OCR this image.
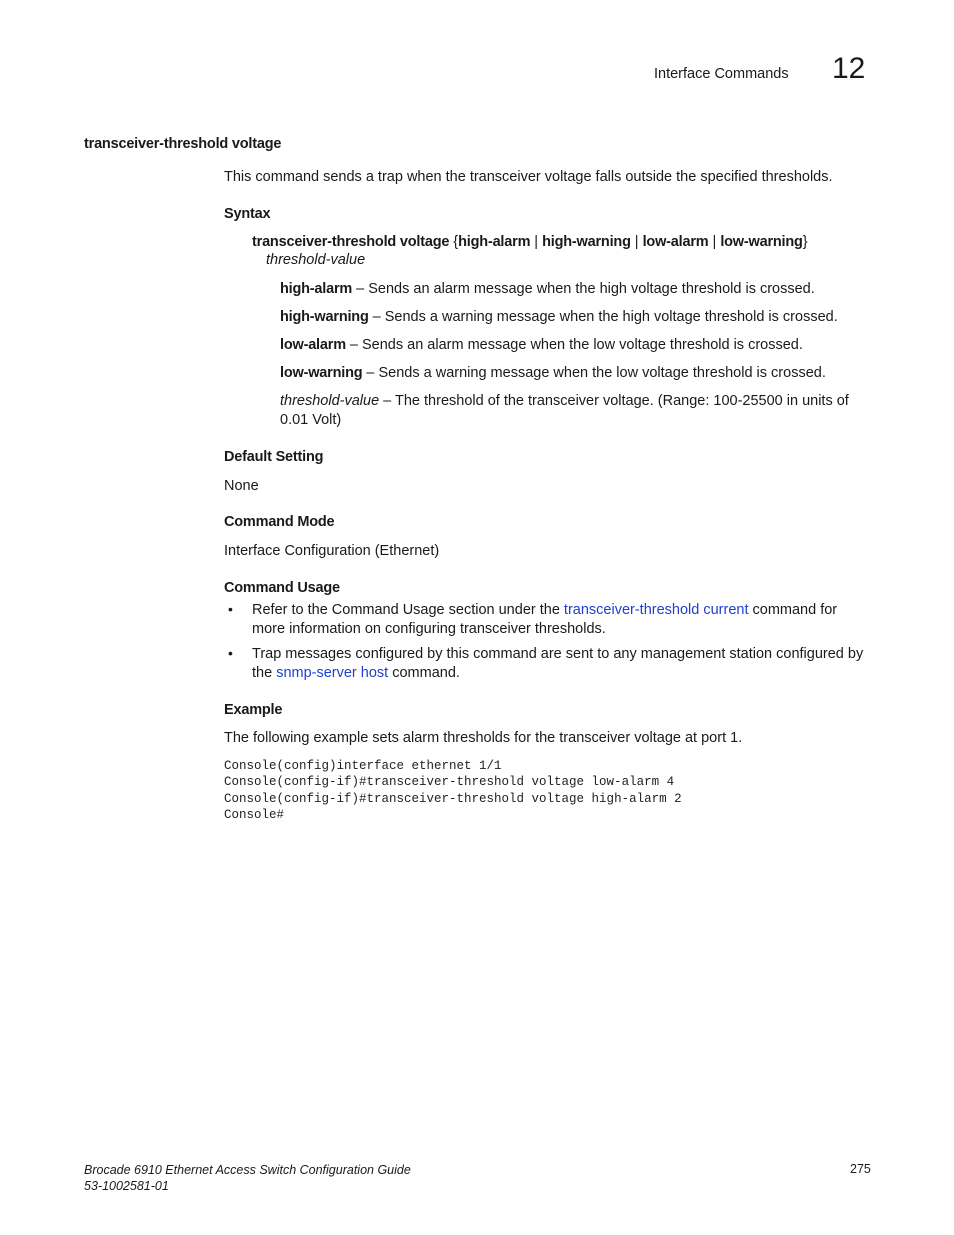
Interface Commands 12
transceiver-threshold voltage
This command sends a trap when the transceiver voltage falls outside the specified thresholds.
Syntax
transceiver-threshold voltage {high-alarm | high-warning | low-alarm | low-warning}
threshold-value
high-alarm – Sends an alarm message when the high voltage threshold is crossed.
high-warning – Sends a warning message when the high voltage threshold is crossed.
low-alarm – Sends an alarm message when the low voltage threshold is crossed.
low-warning – Sends a warning message when the low voltage threshold is crossed.
threshold-value – The threshold of the transceiver voltage. (Range: 100-25500 in units of 0.01 Volt)
Default Setting
None
Command Mode
Interface Configuration (Ethernet)
Command Usage
• Refer to the Command Usage section under the transceiver-threshold current command for more information on configuring transceiver thresholds.
• Trap messages configured by this command are sent to any management station configured by the snmp-server host command.
Example
The following example sets alarm thresholds for the transceiver voltage at port 1.
Console(config)interface ethernet 1/1
Console(config-if)#transceiver-threshold voltage low-alarm 4
Console(config-if)#transceiver-threshold voltage high-alarm 2
Console#
Brocade 6910 Ethernet Access Switch Configuration Guide
53-1002581-01
275
